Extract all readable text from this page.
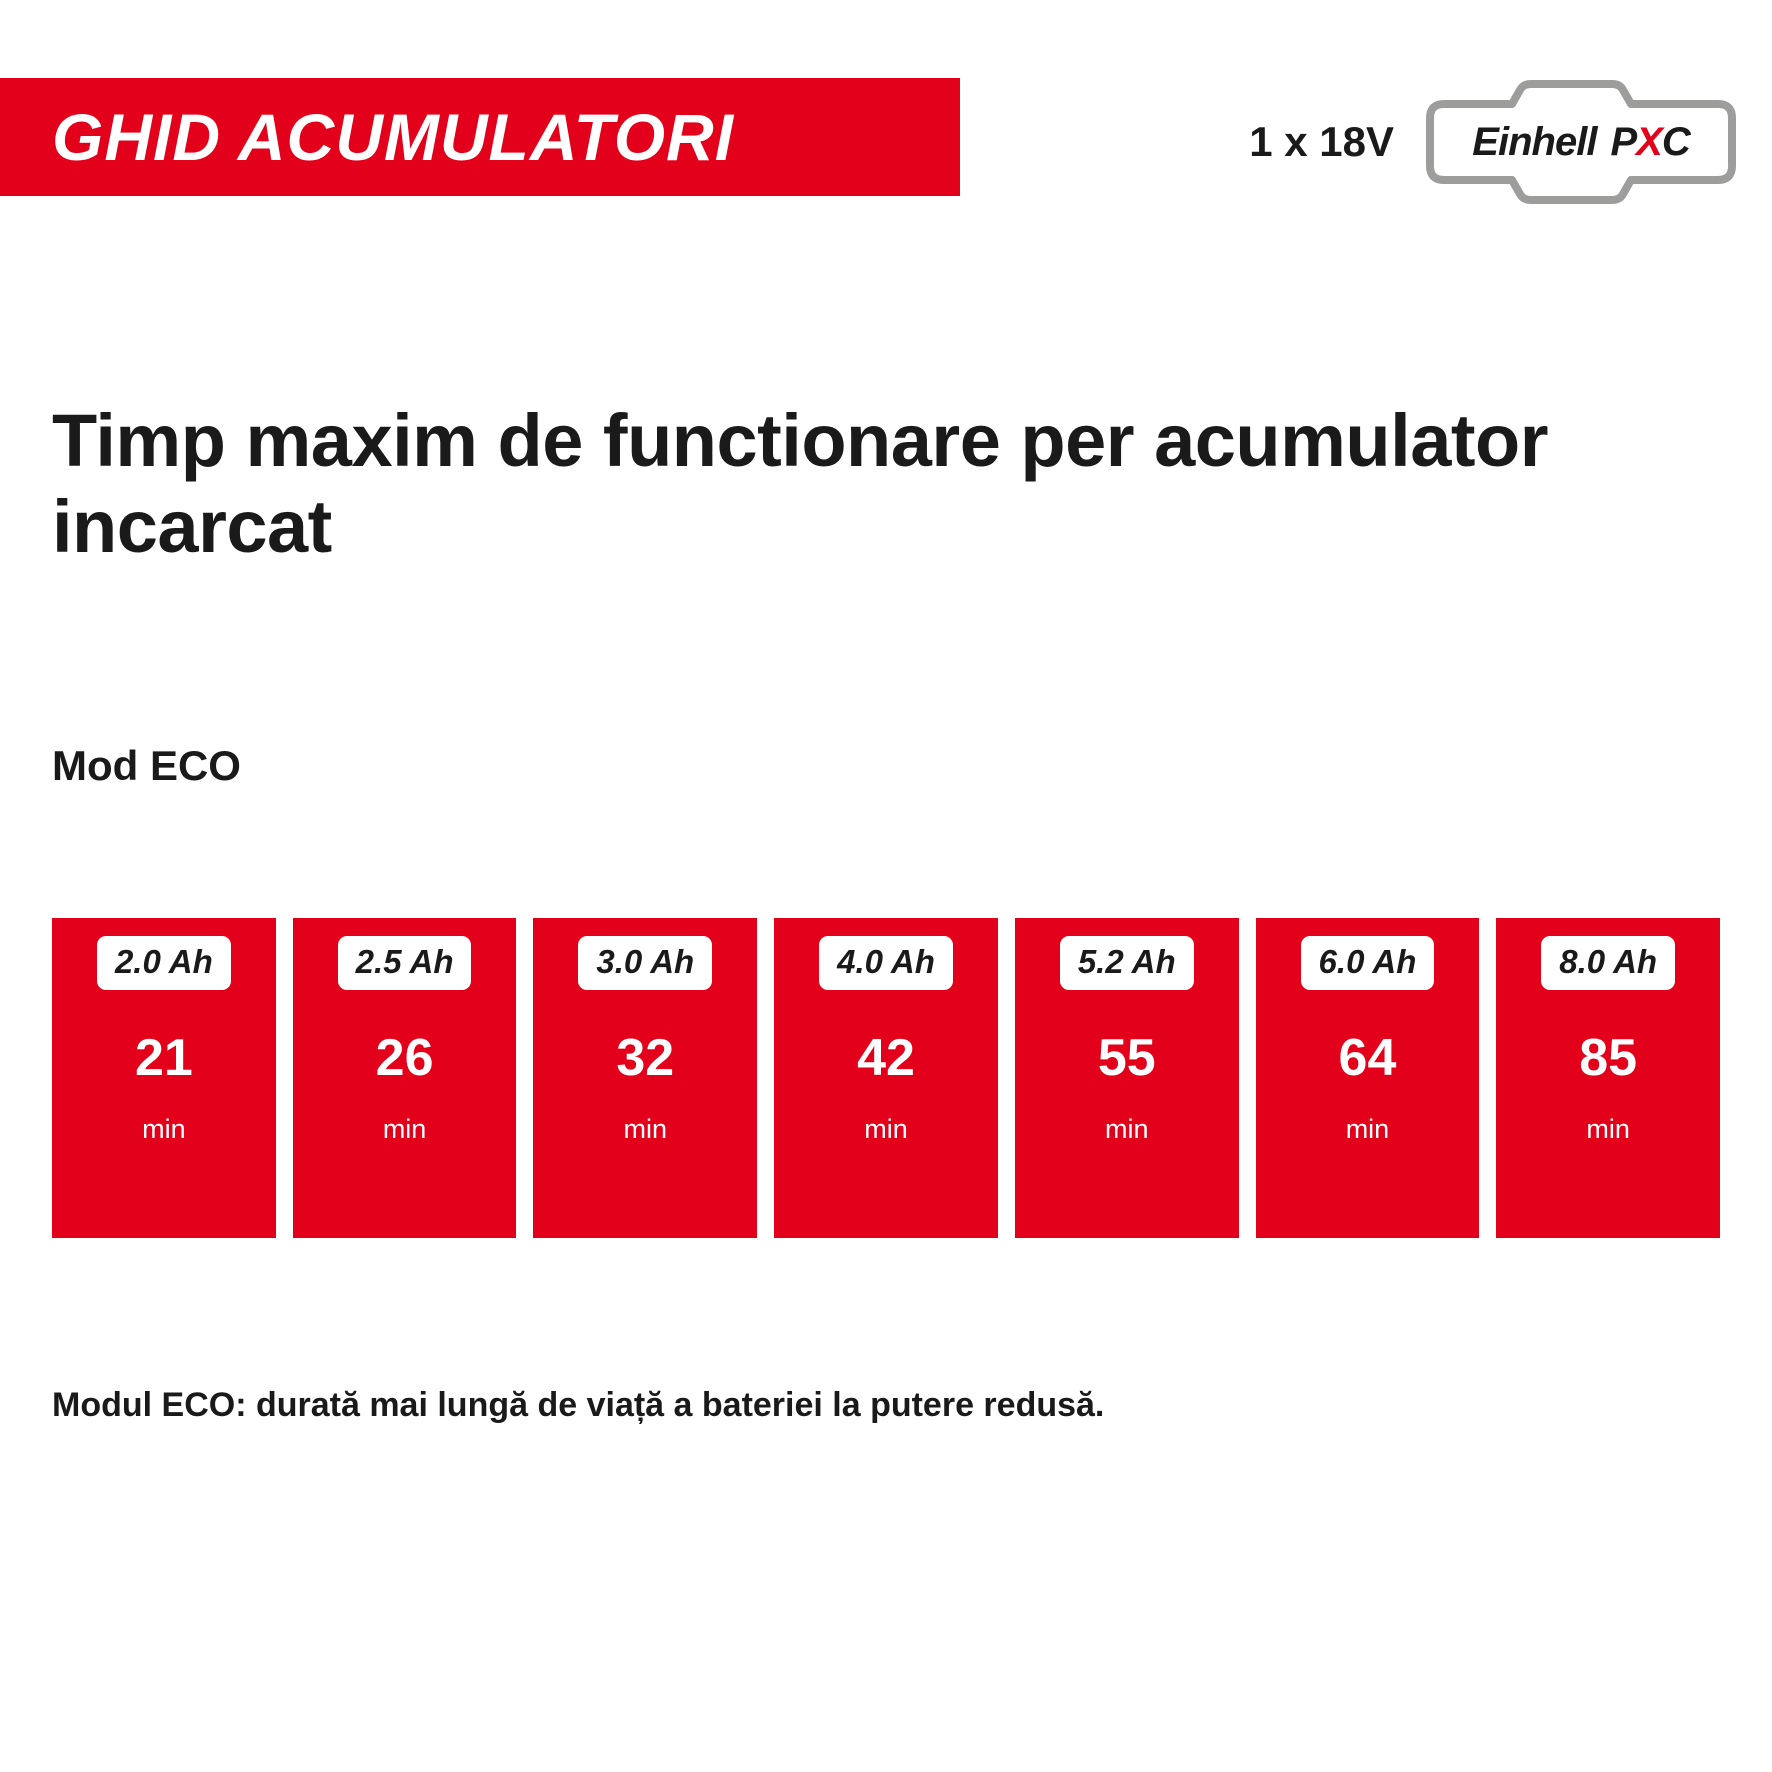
GHID ACUMULATORI	1 x 18V Einhell P X C
Timp maxim de functionare per acumulator incarcat
Mod ECO
2.0 Ah
21
min
2.5 Ah
26
min
3.0 Ah
32
min
4.0 Ah
42
min
5.2 Ah
55
min
6.0 Ah
64
min
8.0 Ah
85
min
Modul ECO: durată mai lungă de viață a bateriei la putere redusă.
